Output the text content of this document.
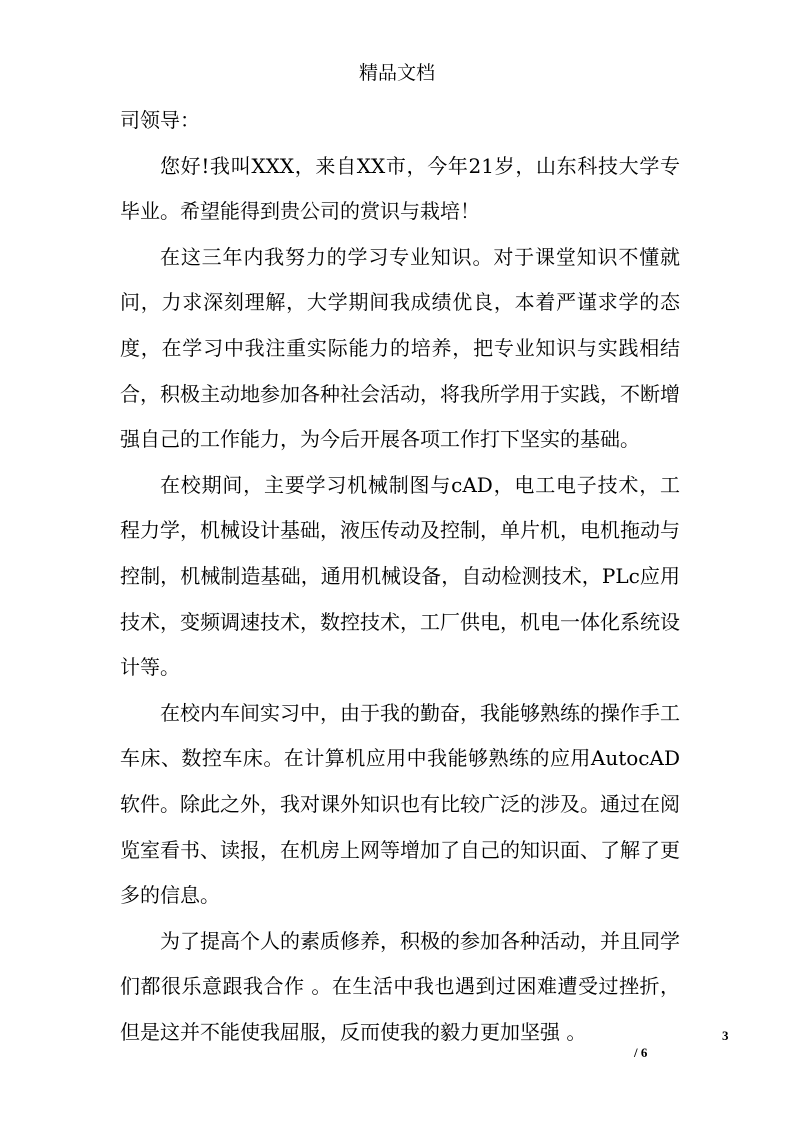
精品文档

司领导：

您好!我叫XXX，来自XX市，今年21岁，山东科技大学专毕业。希望能得到贵公司的赏识与栽培！

在这三年内我努力的学习专业知识。对于课堂知识不懂就问，力求深刻理解，大学期间我成绩优良，本着严谨求学的态度，在学习中我注重实际能力的培养，把专业知识与实践相结合，积极主动地参加各种社会活动，将我所学用于实践，不断增强自己的工作能力，为今后开展各项工作打下坚实的基础。

在校期间，主要学习机械制图与cAD，电工电子技术，工程力学，机械设计基础，液压传动及控制，单片机，电机拖动与控制，机械制造基础，通用机械设备，自动检测技术，PLc应用技术，变频调速技术，数控技术，工厂供电，机电一体化系统设计等。

在校内车间实习中，由于我的勤奋，我能够熟练的操作手工车床、数控车床。在计算机应用中我能够熟练的应用AutocAD软件。除此之外，我对课外知识也有比较广泛的涉及。通过在阅览室看书、读报，在机房上网等增加了自己的知识面、了解了更多的信息。

为了提高个人的素质修养，积极的参加各种活动，并且同学们都很乐意跟我合作 。在生活中我也遇到过困难遭受过挫折，但是这并不能使我屈服，反而使我的毅力更加坚强 。	3
/ 6
